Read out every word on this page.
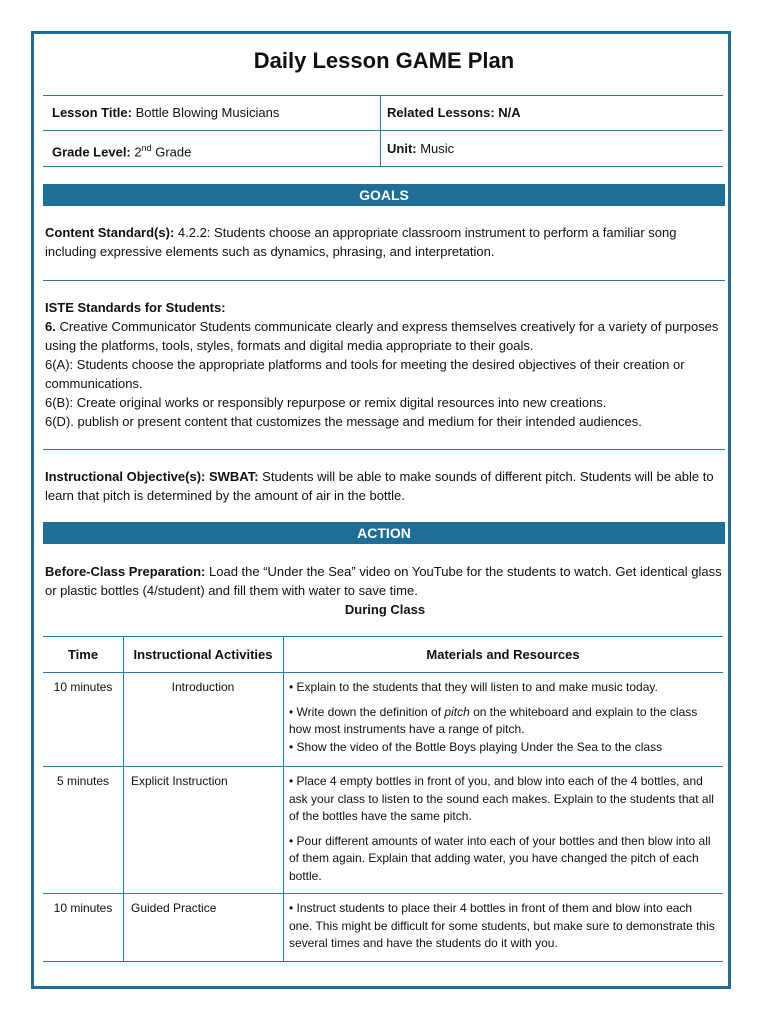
Daily Lesson GAME Plan
Lesson Title: Bottle Blowing Musicians	Related Lessons: N/A
Grade Level: 2nd Grade	Unit: Music
GOALS

Content Standard(s): 4.2.2: Students choose an appropriate classroom instrument to perform a familiar song including expressive elements such as dynamics, phrasing, and interpretation.

ISTE Standards for Students:

6. Creative Communicator Students communicate clearly and express themselves creatively for a variety of purposes using the platforms, tools, styles, formats and digital media appropriate to their goals.

6(A): Students choose the appropriate platforms and tools for meeting the desired objectives of their creation or communications.

6(B): Create original works or responsibly repurpose or remix digital resources into new creations.

6(D). publish or present content that customizes the message and medium for their intended audiences.

Instructional Objective(s): SWBAT: Students will be able to make sounds of different pitch. Students will be able to learn that pitch is determined by the amount of air in the bottle.

ACTION

Before-Class Preparation: Load the “Under the Sea” video on YouTube for the students to watch. Get identical glass or plastic bottles (4/student) and fill them with water to save time.

During Class

Time	Instructional Activities	Materials and Resources
10 minutes	Introduction	• Explain to the students that they will listen to and make music today.

• Write down the definition of pitch on the whiteboard and explain to the class how most instruments have a range of pitch.

• Show the video of the Bottle Boys playing Under the Sea to the class

5 minutes	Explicit Instruction	• Place 4 empty bottles in front of you, and blow into each of the 4 bottles, and ask your class to listen to the sound each makes. Explain to the students that all of the bottles have the same pitch.

• Pour different amounts of water into each of your bottles and then blow into all of them again. Explain that adding water, you have changed the pitch of each bottle.

10 minutes	Guided Practice	• Instruct students to place their 4 bottles in front of them and blow into each one. This might be difficult for some students, but make sure to demonstrate this several times and have the students do it with you.
